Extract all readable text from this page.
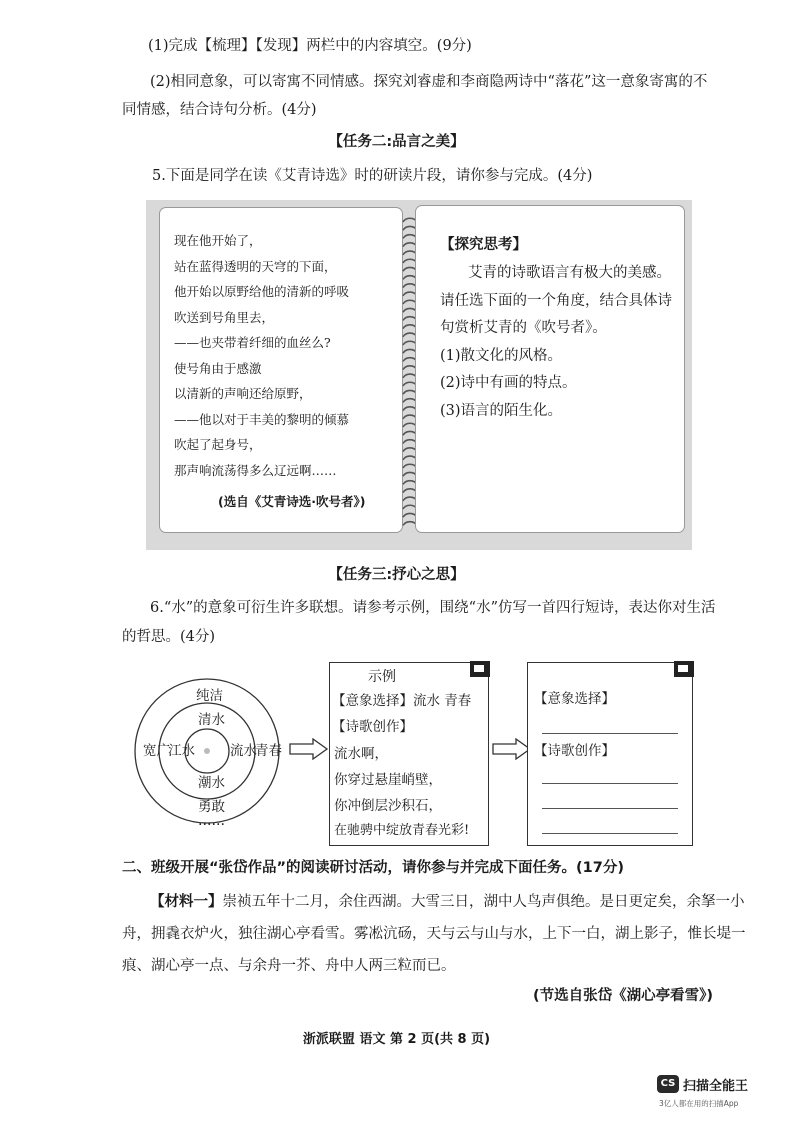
(1)完成【梳理】【发现】两栏中的内容填空。(9分)
(2)相同意象，可以寄寓不同情感。探究刘睿虚和李商隐两诗中“落花”这一意象寄寓的不
同情感，结合诗句分析。(4分)
【任务二:品言之美】
5.下面是同学在读《艾青诗选》时的研读片段，请你参与完成。(4分)
现在他开始了，
站在蓝得透明的天穹的下面，
他开始以原野给他的清新的呼吸
吹送到号角里去，
——也夹带着纤细的血丝么?
使号角由于感激
以清新的声响还给原野，
——他以对于丰美的黎明的倾慕
吹起了起身号，
那声响流荡得多么辽远啊……
(选自《艾青诗选·吹号者》)
【探究思考】
艾青的诗歌语言有极大的美感。
请任选下面的一个角度，结合具体诗
句赏析艾青的《吹号者》。
(1)散文化的风格。
(2)诗中有画的特点。
(3)语言的陌生化。
【任务三:抒心之思】
6.“水”的意象可衍生许多联想。请参考示例，围绕“水”仿写一首四行短诗，表达你对生活
的哲思。(4分)
纯洁
清水
宽广
江水	流水
青春
潮水
勇敢
……
示例
【意象选择】流水 青春
【诗歌创作】
流水啊，
你穿过悬崖峭壁，
你冲倒层沙积石，
在驰骋中绽放青春光彩!
【意象选择】
【诗歌创作】
二、班级开展“张岱作品”的阅读研讨活动，请你参与并完成下面任务。(17分)
【材料一】崇祯五年十二月，余住西湖。大雪三日，湖中人鸟声俱绝。是日更定矣，余拏一小
舟，拥毳衣炉火，独往湖心亭看雪。雾凇沆砀，天与云与山与水，上下一白，湖上影子，惟长堤一
痕、湖心亭一点、与余舟一芥、舟中人两三粒而已。
(节选自张岱《湖心亭看雪》)
浙派联盟 语文 第 2 页(共 8 页)
CS 扫描全能王
3亿人都在用的扫描App
